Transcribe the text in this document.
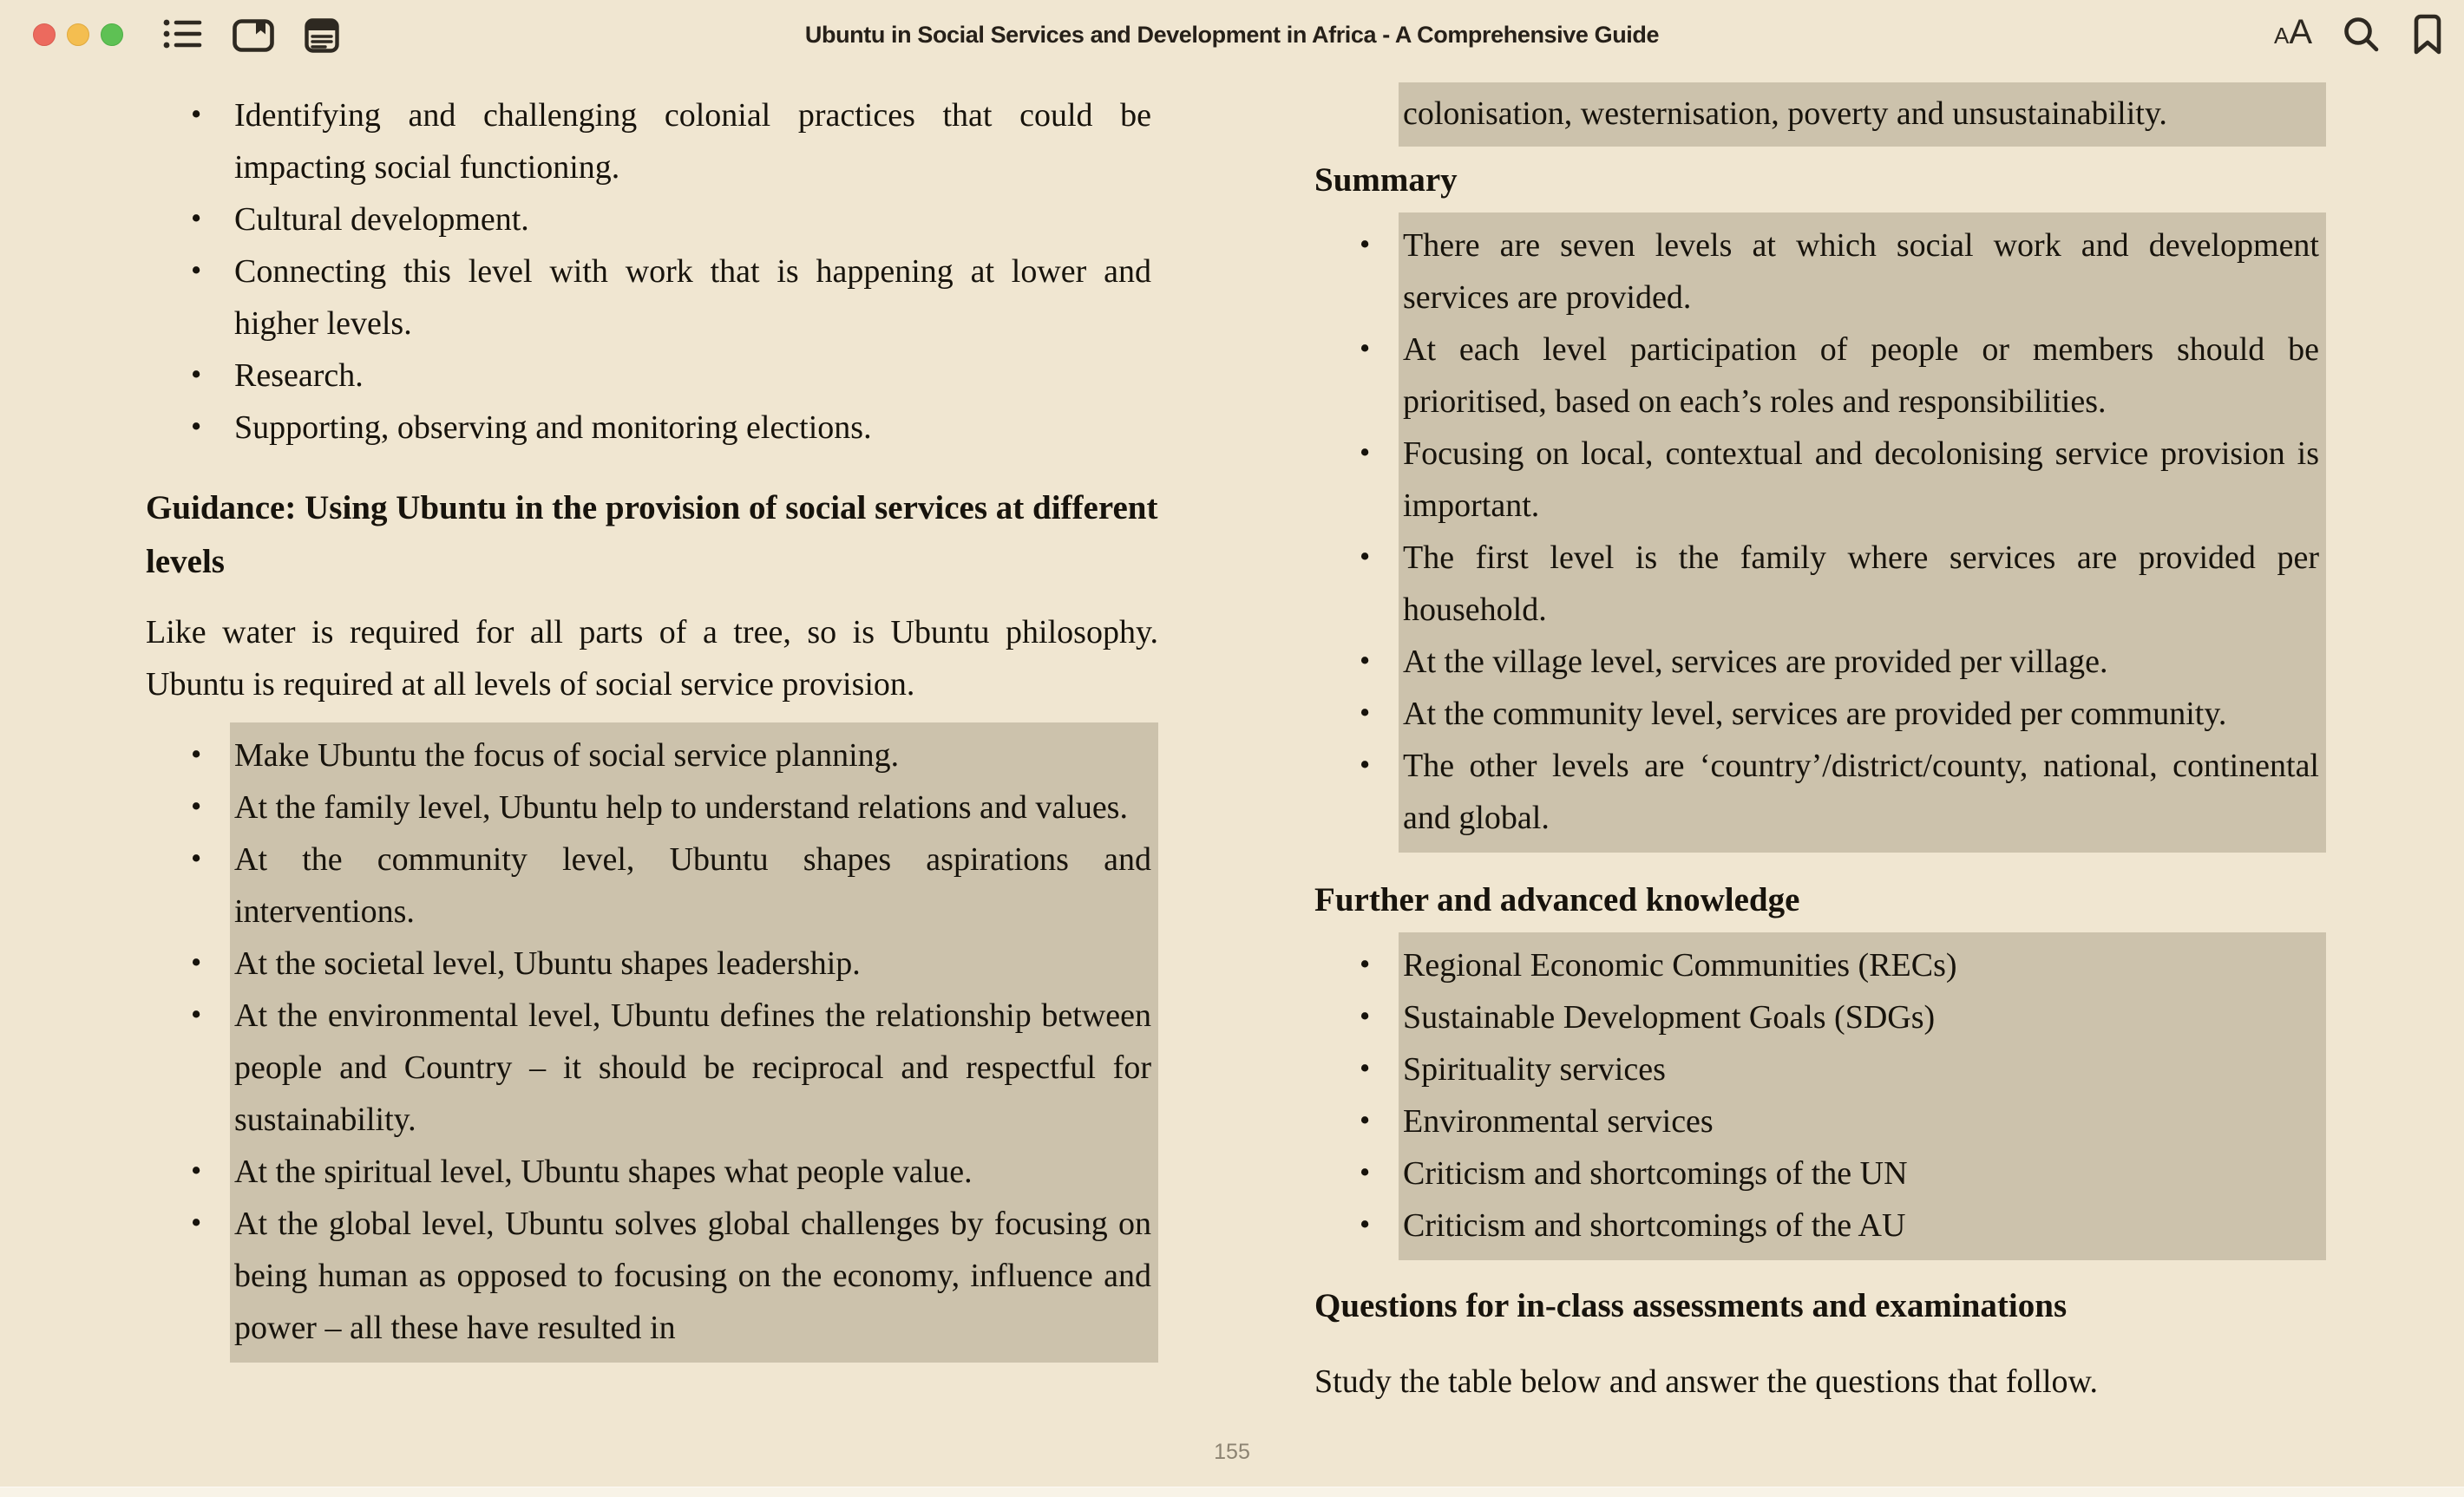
Ubuntu in Social Services and Development in Africa - A Comprehensive Guide	AA
• Identifying and challenging colonial practices that could be impacting social functioning.
• Cultural development.
• Connecting this level with work that is happening at lower and higher levels.
• Research.
• Supporting, observing and monitoring elections.
Guidance: Using Ubuntu in the provision of social services at different levels

Like water is required for all parts of a tree, so is Ubuntu philosophy. Ubuntu is required at all levels of social service provision.

• Make Ubuntu the focus of social service planning.
• At the family level, Ubuntu help to understand relations and values.
• At the community level, Ubuntu shapes aspirations and interventions.
• At the societal level, Ubuntu shapes leadership.
• At the environmental level, Ubuntu defines the relationship between people and Country – it should be reciprocal and respectful for sustainability.
• At the spiritual level, Ubuntu shapes what people value.
• At the global level, Ubuntu solves global challenges by focusing on being human as opposed to focusing on the economy, influence and power – all these have resulted in
colonisation, westernisation, poverty and unsustainability.
Summary
• There are seven levels at which social work and development services are provided.
• At each level participation of people or members should be prioritised, based on each’s roles and responsibilities.
• Focusing on local, contextual and decolonising service provision is important.
• The first level is the family where services are provided per household.
• At the village level, services are provided per village.
• At the community level, services are provided per community.
• The other levels are ‘country’/district/county, national, continental and global.
Further and advanced knowledge
• Regional Economic Communities (RECs)
• Sustainable Development Goals (SDGs)
• Spirituality services
• Environmental services
• Criticism and shortcomings of the UN
• Criticism and shortcomings of the AU
Questions for in-class assessments and examinations

Study the table below and answer the questions that follow.

155
